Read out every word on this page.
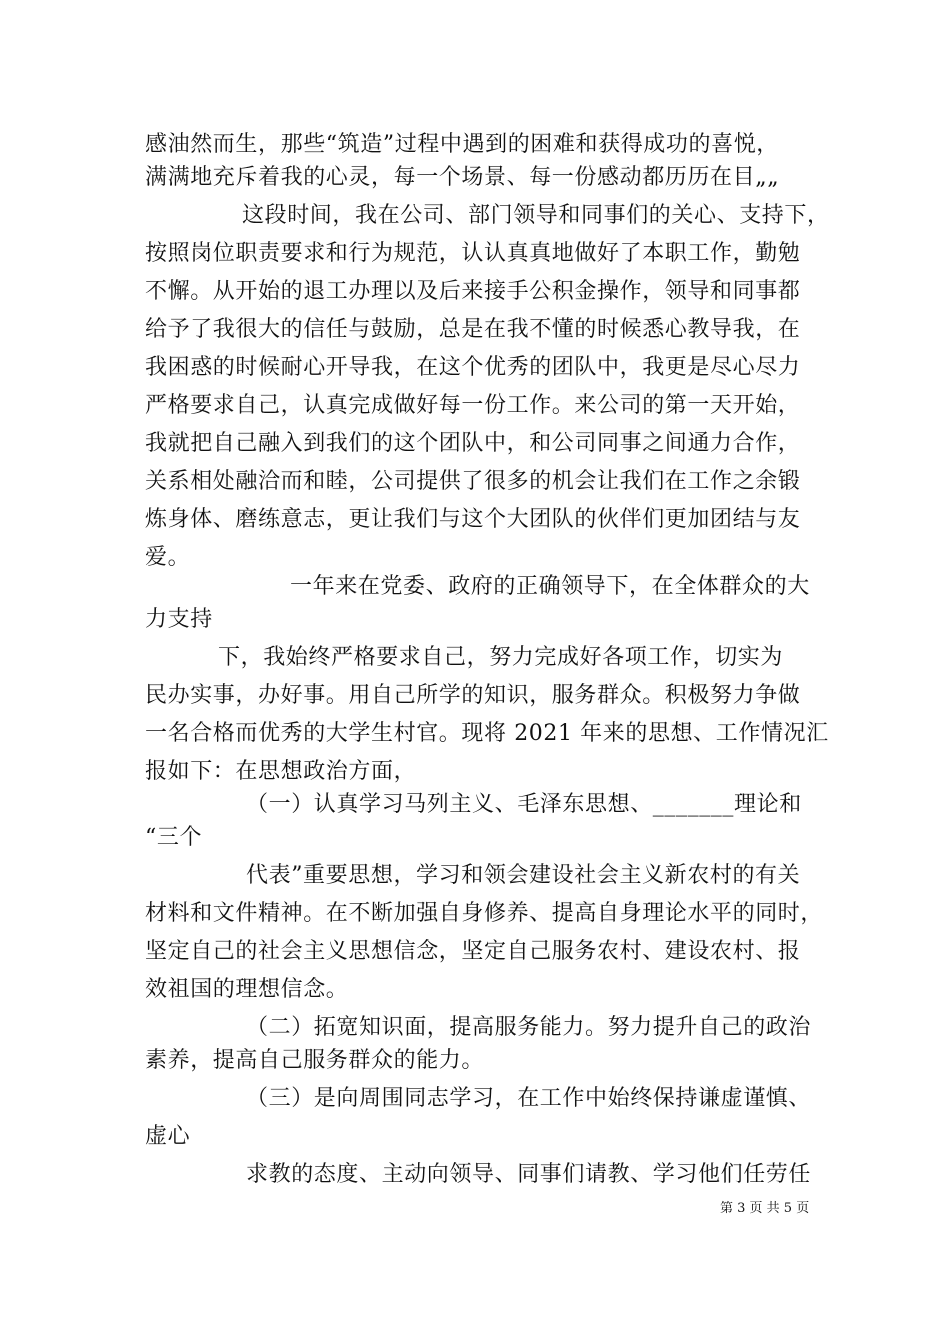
感油然而生，那些“筑造”过程中遇到的困难和获得成功的喜悦，
满满地充斥着我的心灵，每一个场景、每一份感动都历历在目„„
这段时间，我在公司、部门领导和同事们的关心、支持下，
按照岗位职责要求和行为规范，认认真真地做好了本职工作，勤勉
不懈。从开始的退工办理以及后来接手公积金操作，领导和同事都
给予了我很大的信任与鼓励，总是在我不懂的时候悉心教导我，在
我困惑的时候耐心开导我，在这个优秀的团队中，我更是尽心尽力
严格要求自己，认真完成做好每一份工作。来公司的第一天开始，
我就把自己融入到我们的这个团队中，和公司同事之间通力合作，
关系相处融洽而和睦，公司提供了很多的机会让我们在工作之余锻
炼身体、磨练意志，更让我们与这个大团队的伙伴们更加团结与友
爱。
一年来在党委、政府的正确领导下，在全体群众的大
力支持
下，我始终严格要求自己，努力完成好各项工作，切实为
民办实事，办好事。用自己所学的知识，服务群众。积极努力争做
一名合格而优秀的大学生村官。现将 2021 年来的思想、工作情况汇
报如下：在思想政治方面，
（一）认真学习马列主义、毛泽东思想、_______理论和
“三个
代表”重要思想，学习和领会建设社会主义新农村的有关
材料和文件精神。在不断加强自身修养、提高自身理论水平的同时，
坚定自己的社会主义思想信念，坚定自己服务农村、建设农村、报
效祖国的理想信念。
（二）拓宽知识面，提高服务能力。努力提升自己的政治
素养，提高自己服务群众的能力。
（三）是向周围同志学习，在工作中始终保持谦虚谨慎、
虚心
求教的态度、主动向领导、同事们请教、学习他们任劳任
第 3 页 共 5 页
